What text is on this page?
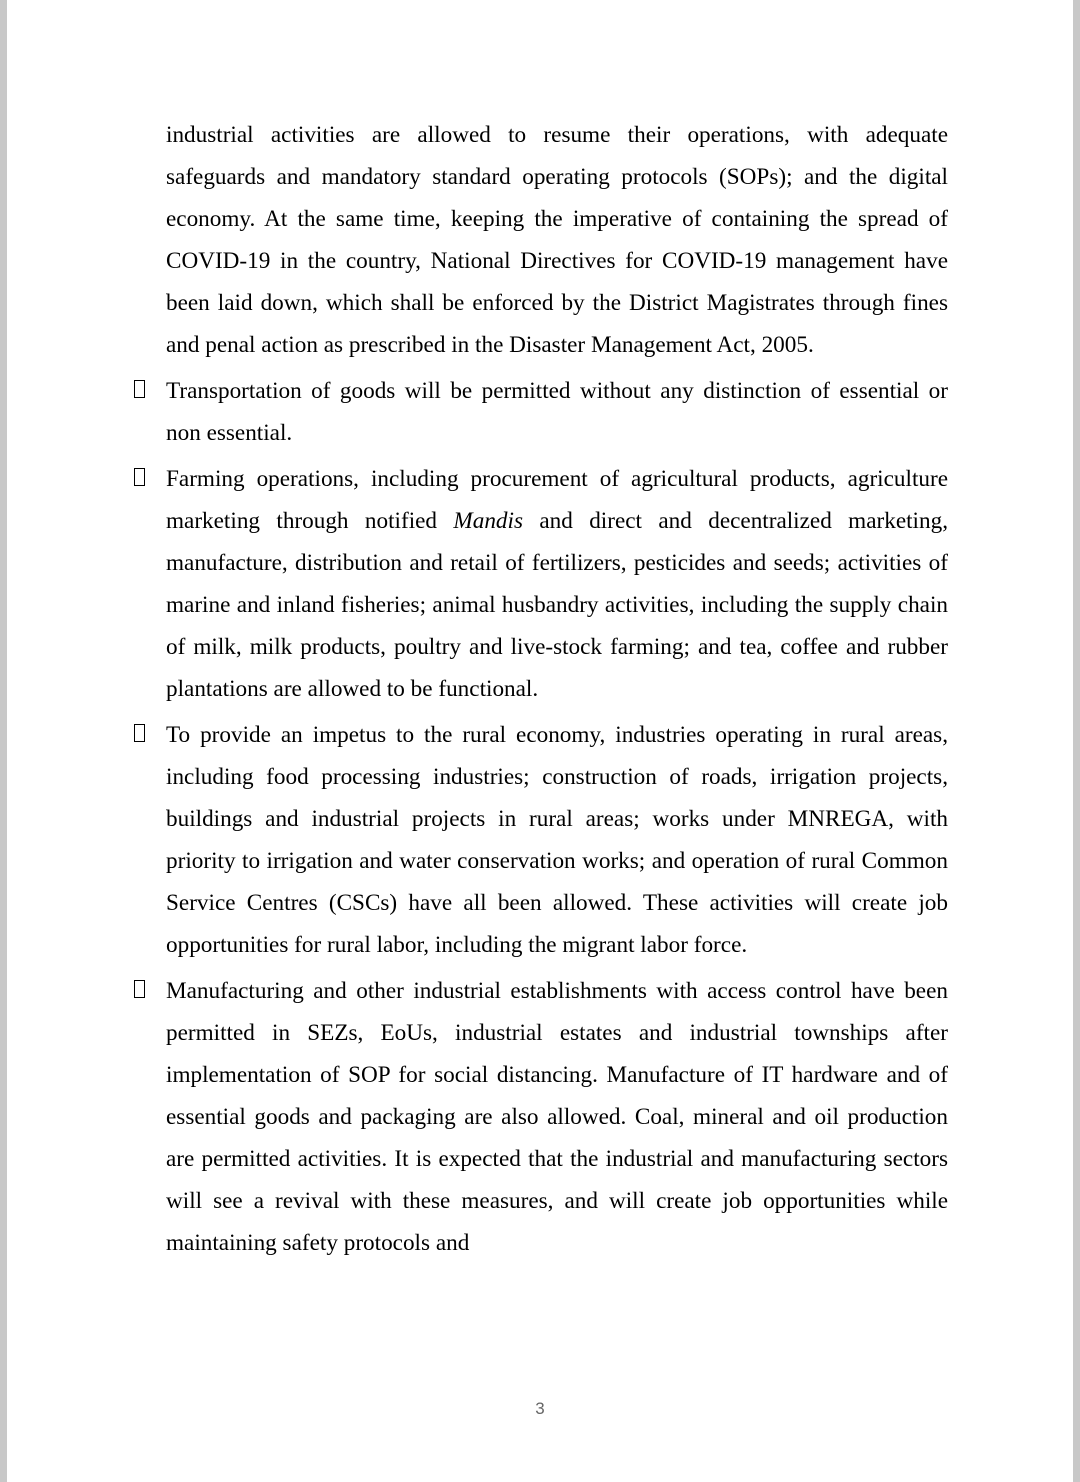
industrial activities are allowed to resume their operations, with adequate safeguards and mandatory standard operating protocols (SOPs); and the digital economy. At the same time, keeping the imperative of containing the spread of COVID-19 in the country, National Directives for COVID-19 management have been laid down, which shall be enforced by the District Magistrates through fines and penal action as prescribed in the Disaster Management Act, 2005.

Transportation of goods will be permitted without any distinction of essential or non essential.

Farming operations, including procurement of agricultural products, agriculture marketing through notified Mandis and direct and decentralized marketing, manufacture, distribution and retail of fertilizers, pesticides and seeds; activities of marine and inland fisheries; animal husbandry activities, including the supply chain of milk, milk products, poultry and live-stock farming; and tea, coffee and rubber plantations are allowed to be functional.

To provide an impetus to the rural economy, industries operating in rural areas, including food processing industries; construction of roads, irrigation projects, buildings and industrial projects in rural areas; works under MNREGA, with priority to irrigation and water conservation works; and operation of rural Common Service Centres (CSCs) have all been allowed. These activities will create job opportunities for rural labor, including the migrant labor force.

Manufacturing and other industrial establishments with access control have been permitted in SEZs, EoUs, industrial estates and industrial townships after implementation of SOP for social distancing. Manufacture of IT hardware and of essential goods and packaging are also allowed. Coal, mineral and oil production are permitted activities. It is expected that the industrial and manufacturing sectors will see a revival with these measures, and will create job opportunities while maintaining safety protocols and

3
